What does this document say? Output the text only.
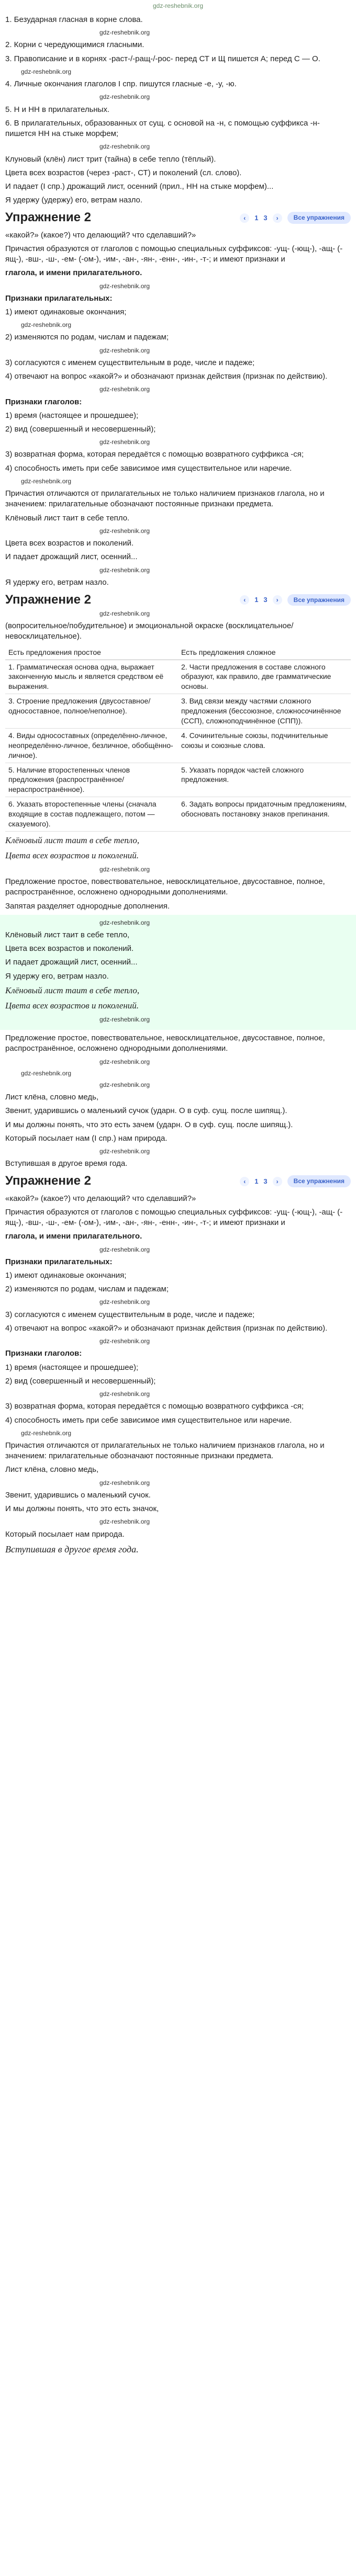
gdz-reshebnik.org
1. Безударная гласная в корне слова.
gdz-reshebnik.org
2. Корни с чередующимися гласными.
3. Правописание и в корнях -раст-/-ращ-/-рос- перед СТ и Щ пишется А; перед С — О.
gdz-reshebnik.org
4. Личные окончания глаголов I спр. пишутся гласные -е, -у, -ю.
gdz-reshebnik.org
5. Н и НН в прилагательных.
6. В прилагательных, образованных от сущ. с основой на -н, с помощью суффикса -н- пишется НН на стыке морфем;
gdz-reshebnik.org
Клуновый (клён) лист трит (тайна) в себе тепло (тёплый).
Цвета всех возрастов (через -раст-, СТ) и поколений (сл. слово).
И падает (I спр.) дрожащий лист, осенний (прил., НН на стыке морфем)...
Я удержу (удержу) его, ветрам назло.
Упражнение 2	‹	1 3	›	Все упражнения
«какой?» (какое?) что делающий? что сделавший?»
Причастия образуются от глаголов с помощью специальных суффиксов: -ущ- (-ющ-), -ащ- (-ящ-), -вш-, -ш-, -ем- (-ом-), -им-, -ан-, -ян-, -енн-, -ин-, -т-; и имеют признаки и
глагола, и имени прилагательного.
gdz-reshebnik.org
Признаки прилагательных:
1) имеют одинаковые окончания;
gdz-reshebnik.org
2) изменяются по родам, числам и падежам;
gdz-reshebnik.org
3) согласуются с именем существительным в роде, числе и падеже;
4) отвечают на вопрос «какой?» и обозначают признак действия (признак по действию).
gdz-reshebnik.org
Признаки глаголов:
1) время (настоящее и прошедшее);
2) вид (совершенный и несовершенный);
gdz-reshebnik.org
3) возвратная форма, которая передаётся с помощью возвратного суффикса -ся;
4) способность иметь при себе зависимое имя существительное или наречие.
gdz-reshebnik.org
Причастия отличаются от прилагательных не только наличием признаков глагола, но и значением: прилагательные обозначают постоянные признаки предмета.
Клёновый лист таит в себе тепло.
gdz-reshebnik.org
Цвета всех возрастов и поколений.
И падает дрожащий лист, осенний...
gdz-reshebnik.org
Я удержу его, ветрам назло.
Упражнение 2	‹	1 3	›	Все упражнения
gdz-reshebnik.org
(вопросительное/побудительное) и эмоциональной окраске (восклицательное/невосклицательное).
Есть предложения простое	Есть предложения сложное
1. Грамматическая основа одна, выражает законченную мысль и является средством её выражения.	2. Части предложения в составе сложного образуют, как правило, две грамматические основы.
3. Строение предложения (двусоставное/односоставное, полное/неполное).	3. Вид связи между частями сложного предложения (бессоюзное, сложносочинённое (ССП), сложноподчинённое (СПП)).
4. Виды односоставных (определённо-личное, неопределённо-личное, безличное, обобщённо-личное).	4. Сочинительные союзы, подчинительные союзы и союзные слова.
5. Наличие второстепенных членов предложения (распространённое/нераспространённое).	5. Указать порядок частей сложного предложения.
6. Указать второстепенные члены (сначала входящие в состав подлежащего, потом — сказуемого).	6. Задать вопросы придаточным предложениям, обосновать постановку знаков препинания.
Клёновый лист таит в себе тепло,
Цвета всех возрастов и поколений.
gdz-reshebnik.org
Предложение простое, повествовательное, невосклицательное, двусоставное, полное, распространённое, осложнено однородными дополнениями.
Запятая разделяет однородные дополнения.
gdz-reshebnik.org
Клёновый лист таит в себе тепло,
Цвета всех возрастов и поколений.
И падает дрожащий лист, осенний...
Я удержу его, ветрам назло.
Клёновый лист таит в себе тепло,
Цвета всех возрастов и поколений.
gdz-reshebnik.org
Предложение простое, повествовательное, невосклицательное, двусоставное, полное, распространённое, осложнено однородными дополнениями.
gdz-reshebnik.org
gdz-reshebnik.org
gdz-reshebnik.org
Лист клёна, словно медь,
Звенит, ударившись о маленький сучок (ударн. О в суф. сущ. после шипящ.).
И мы должны понять, что это есть зачем (ударн. О в суф. сущ. после шипящ.).
Который посылает нам (I спр.) нам природа.
gdz-reshebnik.org
Вступившая в другое время года.
Упражнение 2	‹	1 3	›	Все упражнения
«какой?» (какое?) что делающий? что сделавший?»
Причастия образуются от глаголов с помощью специальных суффиксов: -ущ- (-ющ-), -ащ- (-ящ-), -вш-, -ш-, -ем- (-ом-), -им-, -ан-, -ян-, -енн-, -ин-, -т-; и имеют признаки и
глагола, и имени прилагательного.
gdz-reshebnik.org
Признаки прилагательных:
1) имеют одинаковые окончания;
2) изменяются по родам, числам и падежам;
gdz-reshebnik.org
3) согласуются с именем существительным в роде, числе и падеже;
4) отвечают на вопрос «какой?» и обозначают признак действия (признак по действию).
gdz-reshebnik.org
Признаки глаголов:
1) время (настоящее и прошедшее);
2) вид (совершенный и несовершенный);
gdz-reshebnik.org
3) возвратная форма, которая передаётся с помощью возвратного суффикса -ся;
4) способность иметь при себе зависимое имя существительное или наречие.
gdz-reshebnik.org
Причастия отличаются от прилагательных не только наличием признаков глагола, но и значением: прилагательные обозначают постоянные признаки предмета.
Лист клёна, словно медь,
gdz-reshebnik.org
Звенит, ударившись о маленький сучок.
И мы должны понять, что это есть значок,
gdz-reshebnik.org
Который посылает нам природа.
Вступившая в другое время года.
